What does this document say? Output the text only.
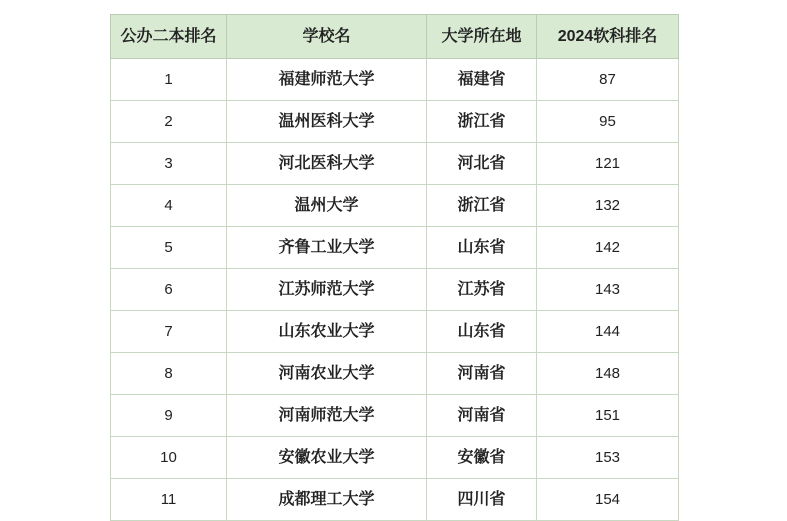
公办二本排名	学校名	大学所在地	2024软科排名
1	福建师范大学	福建省	87
2	温州医科大学	浙江省	95
3	河北医科大学	河北省	121
4	温州大学	浙江省	132
5	齐鲁工业大学	山东省	142
6	江苏师范大学	江苏省	143
7	山东农业大学	山东省	144
8	河南农业大学	河南省	148
9	河南师范大学	河南省	151
10	安徽农业大学	安徽省	153
11	成都理工大学	四川省	154
